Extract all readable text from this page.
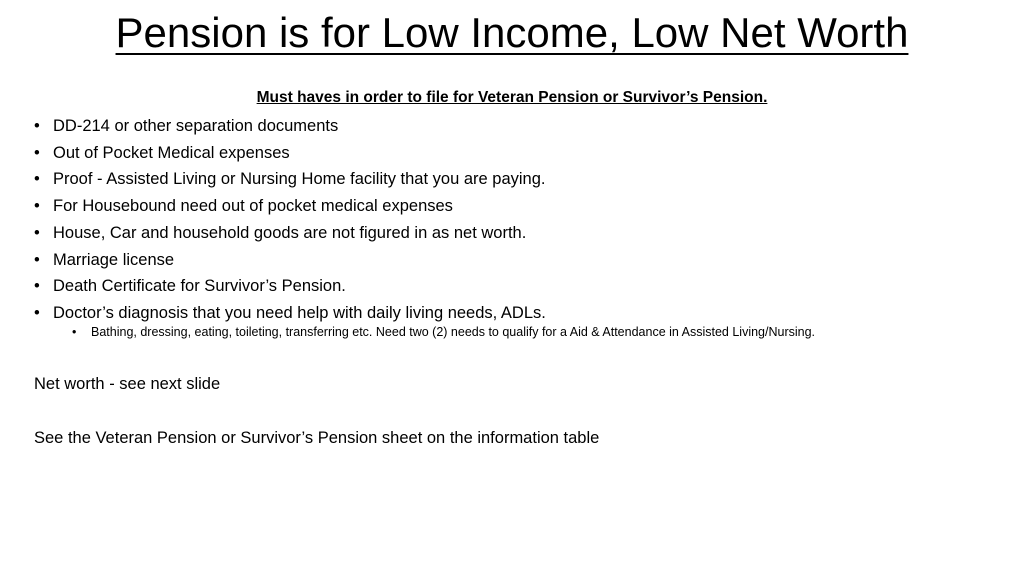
Pension is for Low Income, Low Net Worth
Must haves in order to file for Veteran Pension or Survivor’s Pension.
• DD-214 or other separation documents
• Out of Pocket Medical expenses
• Proof - Assisted Living or Nursing Home facility that you are paying.
• For Housebound need out of pocket medical expenses
• House, Car and household goods are not figured in as net worth.
• Marriage license
• Death Certificate for Survivor’s Pension.
• Doctor’s diagnosis that you need help with daily living needs, ADLs.
• Bathing, dressing, eating, toileting, transferring etc. Need two (2) needs to qualify for a Aid & Attendance in Assisted Living/Nursing.
Net worth - see next slide
See the Veteran Pension or Survivor’s Pension sheet on the information table
